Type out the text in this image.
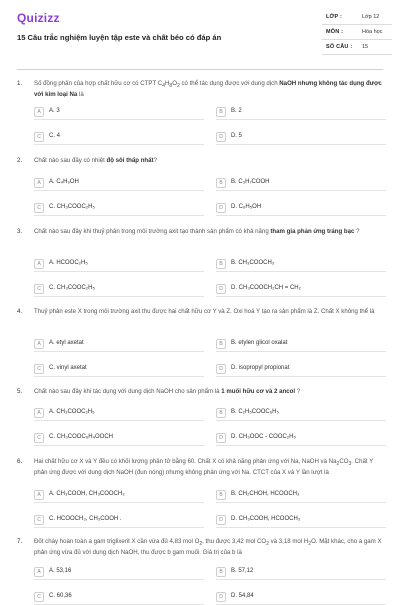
Quizizz
15 Câu trắc nghiệm luyện tập este và chất béo có đáp án
LỚP :	Lớp 12
MÔN :	Hóa học
SỐ CÂU : 15
1. Số đồng phân của hợp chất hữu cơ có CTPT $C_4H_8O_2$ có thể tác dụng được với dung dịch NaOH nhưng không tác dụng được với kim loại Na là
A	A. 3	B	B. 2
C	C. 4	D	D. 5
2. Chất nào sau đây có nhiệt độ sôi thấp nhất?
A	A. C₄H₉OH	B	B. C₃H₇COOH
C	C. CH₃COOC₂H₅	D	D. C₆H₅OH
3. Chất nào sau đây khi thuỷ phân trong môi trường axit tạo thành sản phẩm có khả năng tham gia phản ứng tráng bạc ?
A	A. HCOOC₂H₅	B	B. CH₃COOCH₃
C	C. CH₃COOC₂H₅	D	D. CH₃COOCH₂CH = CH₂
4. Thuỷ phân este X trong môi trường axit thu được hai chất hữu cơ Y và Z. Oxi hoá Y tạo ra sản phẩm là Z. Chất X không thể là
A	A. etyl axetat	B	B. etylen glicol oxalat
C	C. vinyl axetat	D	D. isopropyl propionat
5. Chất nào sau đây khi tác dụng với dung dịch NaOH cho sản phẩm là 1 muối hữu cơ và 2 ancol ?
A	A. CH₃COOC₂H₅	B	B. C₂H₅COOC₆H₅
C	C. CH₃COOC₆H₄OOCH	D	D. CH₃OOC - COOC₂H₅
6. Hai chất hữu cơ X và Y đều có khối lượng phân tử bằng 60. Chất X có khả năng phản ứng với Na, NaOH và $Na_2CO_3$. Chất Y phản ứng được với dung dịch NaOH (đun nóng) nhưng không phản ứng với Na. CTCT của X và Y lần lượt là
A	A. CH₃COOH, CH₃COOCH₃	B	B. CH₂CHOH, HCOOCH₃
C	C. HCOOCH₃, CH₃COOH .	D	D. CH₃COOH, HCOOCH₃
7. Đốt cháy hoàn toàn a gam triglixerit X cần vừa đủ 4,83 mol $O_2$, thu được 3,42 mol $CO_2$ và 3,18 mol $H_2O$. Mặt khác, cho a gam X phản ứng vừa đủ với dung dịch NaOH, thu được b gam muối. Giá trị của b là
A	A. 53,16	B	B. 57,12
C	C. 60,36	D	D. 54,84
